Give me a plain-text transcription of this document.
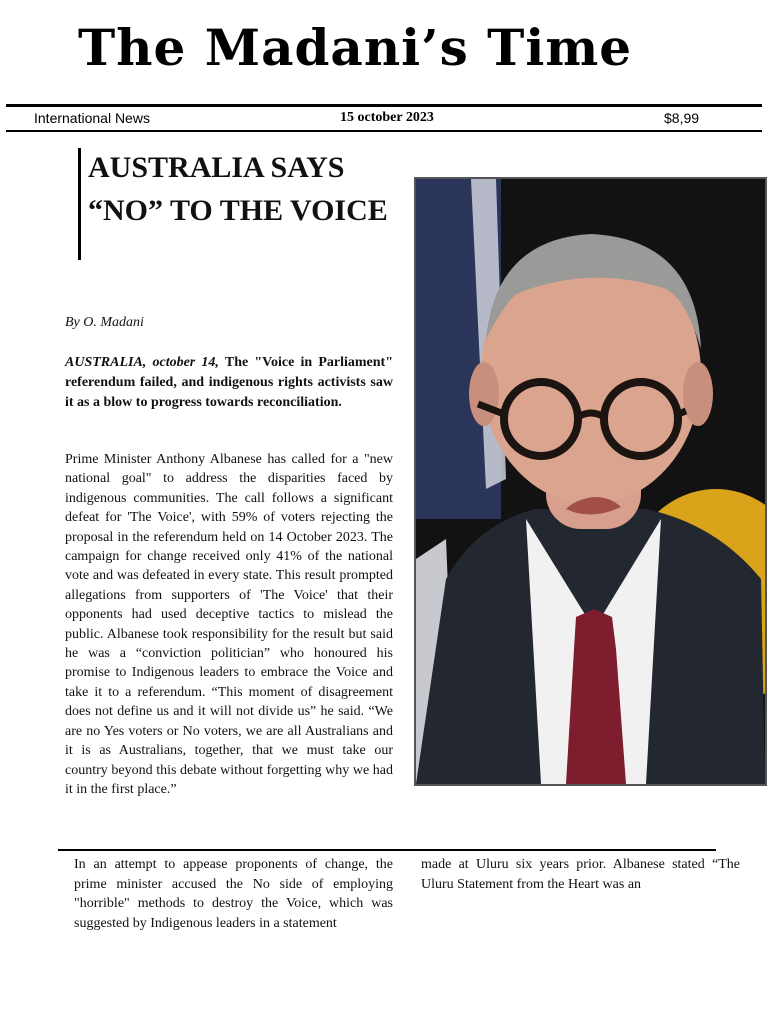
The Madani’s Time
International News	15 october 2023	$8,99
AUSTRALIA SAYS “NO” TO THE VOICE
By O. Madani
AUSTRALIA, october 14, The "Voice in Parliament" referendum failed, and indigenous rights activists saw it as a blow to progress towards reconciliation.
Prime Minister Anthony Albanese has called for a "new national goal" to address the disparities faced by indigenous communities. The call follows a significant defeat for 'The Voice', with 59% of voters rejecting the proposal in the referendum held on 14 October 2023. The campaign for change received only 41% of the national vote and was defeated in every state. This result prompted allegations from supporters of 'The Voice' that their opponents had used deceptive tactics to mislead the public. Albanese took responsibility for the result but said he was a “conviction politician” who honoured his promise to Indigenous leaders to embrace the Voice and take it to a referendum. “This moment of disagreement does not define us and it will not divide us” he said. “We are no Yes voters or No voters, we are all Australians and it is as Australians, together, that we must take our country beyond this debate without forgetting why we had it in the first place.”
In an attempt to appease proponents of change, the prime minister accused the No side of employing "horrible" methods to destroy the Voice, which was suggested by Indigenous leaders in a statement
made at Uluru six years prior. Albanese stated “The Uluru Statement from the Heart was an
